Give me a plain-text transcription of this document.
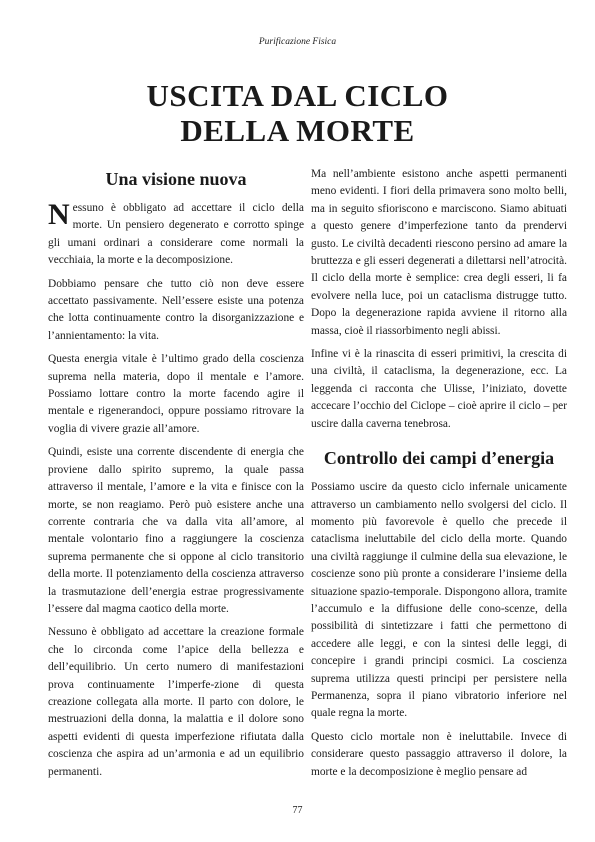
Purificazione Fisica
USCITA DAL CICLO
DELLA MORTE
Una visione nuova

Nessuno è obbligato ad accettare il ciclo della morte. Un pensiero degenerato e corrotto spinge gli umani ordinari a considerare come normali la vecchiaia, la morte e la decomposizione.

Dobbiamo pensare che tutto ciò non deve essere accettato passivamente. Nell’essere esiste una potenza che lotta continuamente contro la disorganizzazione e l’annientamento: la vita.

Questa energia vitale è l’ultimo grado della coscienza suprema nella materia, dopo il mentale e l’amore. Possiamo lottare contro la morte facendo agire il mentale e rigenerandoci, oppure possiamo ritrovare la voglia di vivere grazie all’amore.

Quindi, esiste una corrente discendente di energia che proviene dallo spirito supremo, la quale passa attraverso il mentale, l’amore e la vita e finisce con la morte, se non reagiamo. Però può esistere anche una corrente contraria che va dalla vita all’amore, al mentale volontario fino a raggiungere la coscienza suprema permanente che si oppone al ciclo transitorio della morte. Il potenziamento della coscienza attraverso la trasmutazione dell’energia estrae progressivamente l’essere dal magma caotico della morte.

Nessuno è obbligato ad accettare la creazione formale che lo circonda come l’apice della bellezza e dell’equilibrio. Un certo numero di manifestazioni prova continuamente l’imperfe-zione di questa creazione collegata alla morte. Il parto con dolore, le mestruazioni della donna, la malattia e il dolore sono aspetti evidenti di questa imperfezione rifiutata dalla coscienza che aspira ad un’armonia e ad un equilibrio permanenti.

Ma nell’ambiente esistono anche aspetti permanenti meno evidenti. I fiori della primavera sono molto belli, ma in seguito sfioriscono e marciscono. Siamo abituati a questo genere d’imperfezione tanto da prendervi gusto. Le civiltà decadenti riescono persino ad amare la bruttezza e gli esseri degenerati a dilettarsi nell’atrocità. Il ciclo della morte è semplice: crea degli esseri, li fa evolvere nella luce, poi un cataclisma distrugge tutto. Dopo la degenerazione rapida avviene il ritorno alla massa, cioè il riassorbimento negli abissi.

Infine vi è la rinascita di esseri primitivi, la crescita di una civiltà, il cataclisma, la degenerazione, ecc. La leggenda ci racconta che Ulisse, l’iniziato, dovette accecare l’occhio del Ciclope – cioè aprire il ciclo – per uscire dalla caverna tenebrosa.

Controllo dei campi d’energia

Possiamo uscire da questo ciclo infernale unicamente attraverso un cambiamento nello svolgersi del ciclo. Il momento più favorevole è quello che precede il cataclisma ineluttabile del ciclo della morte. Quando una civiltà raggiunge il culmine della sua elevazione, le coscienze sono più pronte a considerare l’insieme della situazione spazio-temporale. Dispongono allora, tramite l’accumulo e la diffusione delle cono-scenze, della possibilità di sintetizzare i fatti che permettono di accedere alle leggi, e con la sintesi delle leggi, di concepire i grandi principi cosmici. La coscienza suprema utilizza questi principi per persistere nella Permanenza, sopra il piano vibratorio inferiore nel quale regna la morte.

Questo ciclo mortale non è ineluttabile. Invece di considerare questo passaggio attraverso il dolore, la morte e la decomposizione è meglio pensare ad

77
